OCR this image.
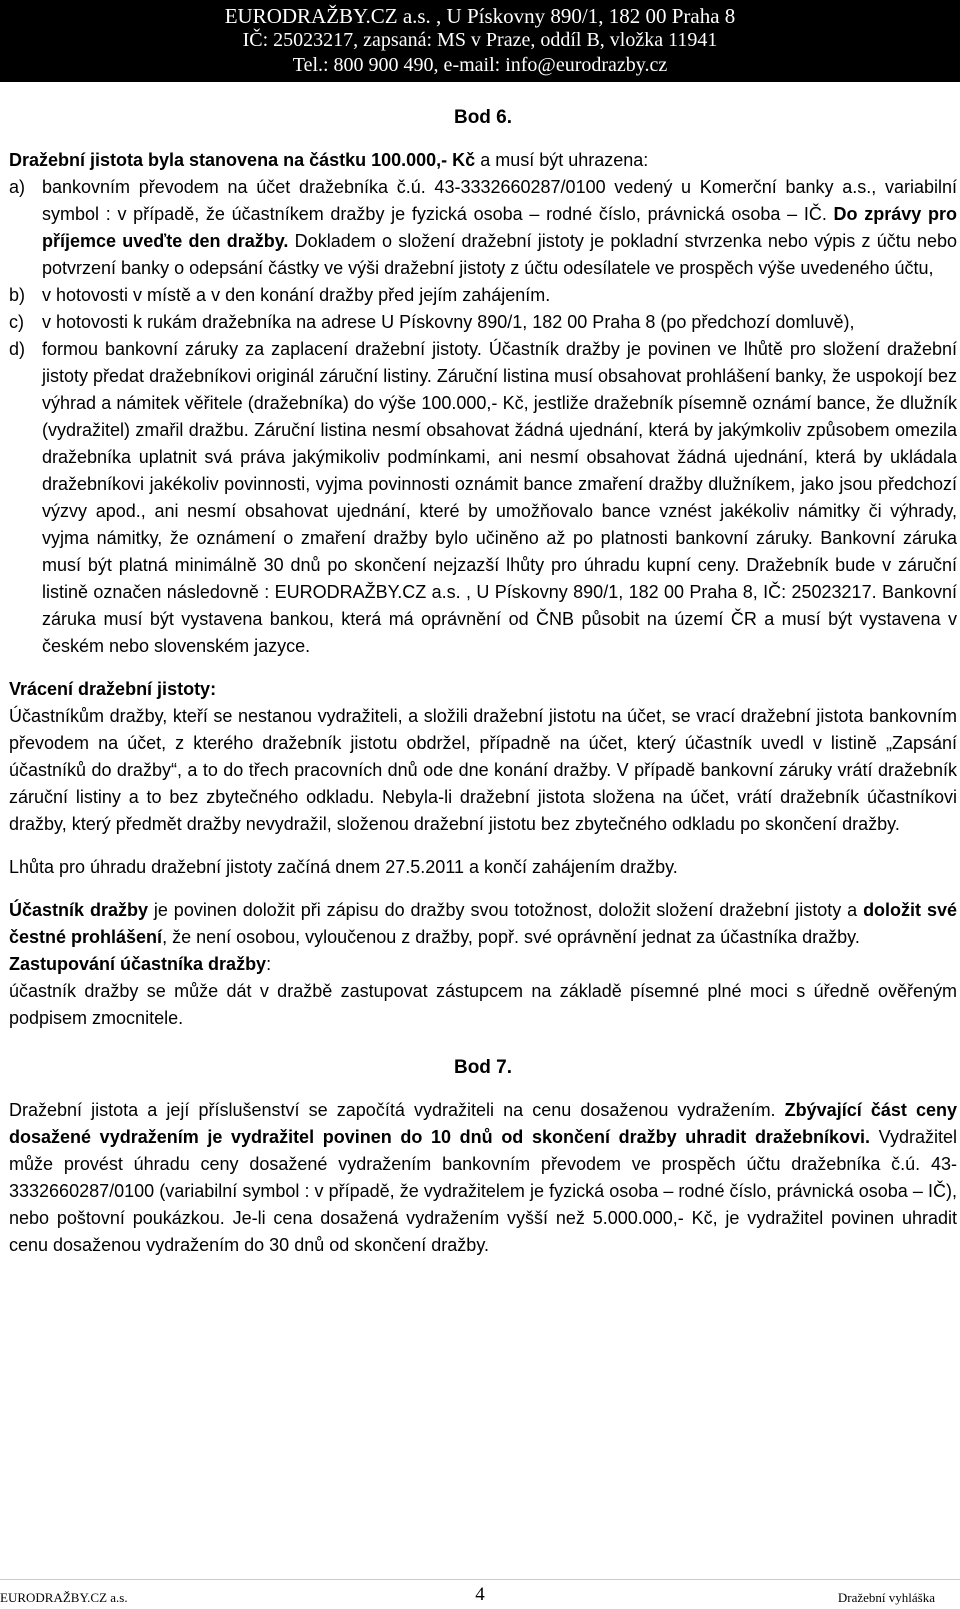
EURODRAŽBY.CZ a.s. , U Pískovny 890/1, 182 00 Praha 8
IČ: 25023217, zapsaná: MS v Praze, oddíl B, vložka 11941
Tel.: 800 900 490, e-mail: info@eurodrazby.cz

Bod 6.

Dražební jistota byla stanovena na částku 100.000,- Kč a musí být uhrazena:

a) bankovním převodem na účet dražebníka č.ú. 43-3332660287/0100 vedený u Komerční banky a.s., variabilní symbol : v případě, že účastníkem dražby je fyzická osoba – rodné číslo, právnická osoba – IČ. Do zprávy pro příjemce uveďte den dražby. Dokladem o složení dražební jistoty je pokladní stvrzenka nebo výpis z účtu nebo potvrzení banky o odepsání částky ve výši dražební jistoty z účtu odesílatele ve prospěch výše uvedeného účtu,

b) v hotovosti v místě a v den konání dražby před jejím zahájením.

c) v hotovosti k rukám dražebníka na adrese U Pískovny 890/1, 182 00 Praha 8 (po předchozí domluvě),

d) formou bankovní záruky za zaplacení dražební jistoty. Účastník dražby je povinen ve lhůtě pro složení dražební jistoty předat dražebníkovi originál záruční listiny. Záruční listina musí obsahovat prohlášení banky, že uspokojí bez výhrad a námitek věřitele (dražebníka) do výše 100.000,- Kč, jestliže dražebník písemně oznámí bance, že dlužník (vydražitel) zmařil dražbu. Záruční listina nesmí obsahovat žádná ujednání, která by jakýmkoliv způsobem omezila dražebníka uplatnit svá práva jakýmikoliv podmínkami, ani nesmí obsahovat žádná ujednání, která by ukládala dražebníkovi jakékoliv povinnosti, vyjma povinnosti oznámit bance zmaření dražby dlužníkem, jako jsou předchozí výzvy apod., ani nesmí obsahovat ujednání, které by umožňovalo bance vznést jakékoliv námitky či výhrady, vyjma námitky, že oznámení o zmaření dražby bylo učiněno až po platnosti bankovní záruky. Bankovní záruka musí být platná minimálně 30 dnů po skončení nejzazší lhůty pro úhradu kupní ceny. Dražebník bude v záruční listině označen následovně : EURODRAŽBY.CZ a.s. , U Pískovny 890/1, 182 00 Praha 8, IČ: 25023217. Bankovní záruka musí být vystavena bankou, která má oprávnění od ČNB působit na území ČR a musí být vystavena v českém nebo slovenském jazyce.

Vrácení dražební jistoty:

Účastníkům dražby, kteří se nestanou vydražiteli, a složili dražební jistotu na účet, se vrací dražební jistota bankovním převodem na účet, z kterého dražebník jistotu obdržel, případně na účet, který účastník uvedl v listině „Zapsání účastníků do dražby“, a to do třech pracovních dnů ode dne konání dražby. V případě bankovní záruky vrátí dražebník záruční listiny a to bez zbytečného odkladu. Nebyla-li dražební jistota složena na účet, vrátí dražebník účastníkovi dražby, který předmět dražby nevydražil, složenou dražební jistotu bez zbytečného odkladu po skončení dražby.

Lhůta pro úhradu dražební jistoty začíná dnem 27.5.2011 a končí zahájením dražby.

Účastník dražby je povinen doložit při zápisu do dražby svou totožnost, doložit složení dražební jistoty a doložit své čestné prohlášení, že není osobou, vyloučenou z dražby, popř. své oprávnění jednat za účastníka dražby.

Zastupování účastníka dražby:

účastník dražby se může dát v dražbě zastupovat zástupcem na základě písemné plné moci s úředně ověřeným podpisem zmocnitele.

Bod 7.

Dražební jistota a její příslušenství se započítá vydražiteli na cenu dosaženou vydražením. Zbývající část ceny dosažené vydražením je vydražitel povinen do 10 dnů od skončení dražby uhradit dražebníkovi. Vydražitel může provést úhradu ceny dosažené vydražením bankovním převodem ve prospěch účtu dražebníka č.ú. 43-3332660287/0100 (variabilní symbol : v případě, že vydražitelem je fyzická osoba – rodné číslo, právnická osoba – IČ), nebo poštovní poukázkou. Je-li cena dosažená vydražením vyšší než 5.000.000,- Kč, je vydražitel povinen uhradit cenu dosaženou vydražením do 30 dnů od skončení dražby.

EURODRAŽBY.CZ a.s.	4	Dražební vyhláška
